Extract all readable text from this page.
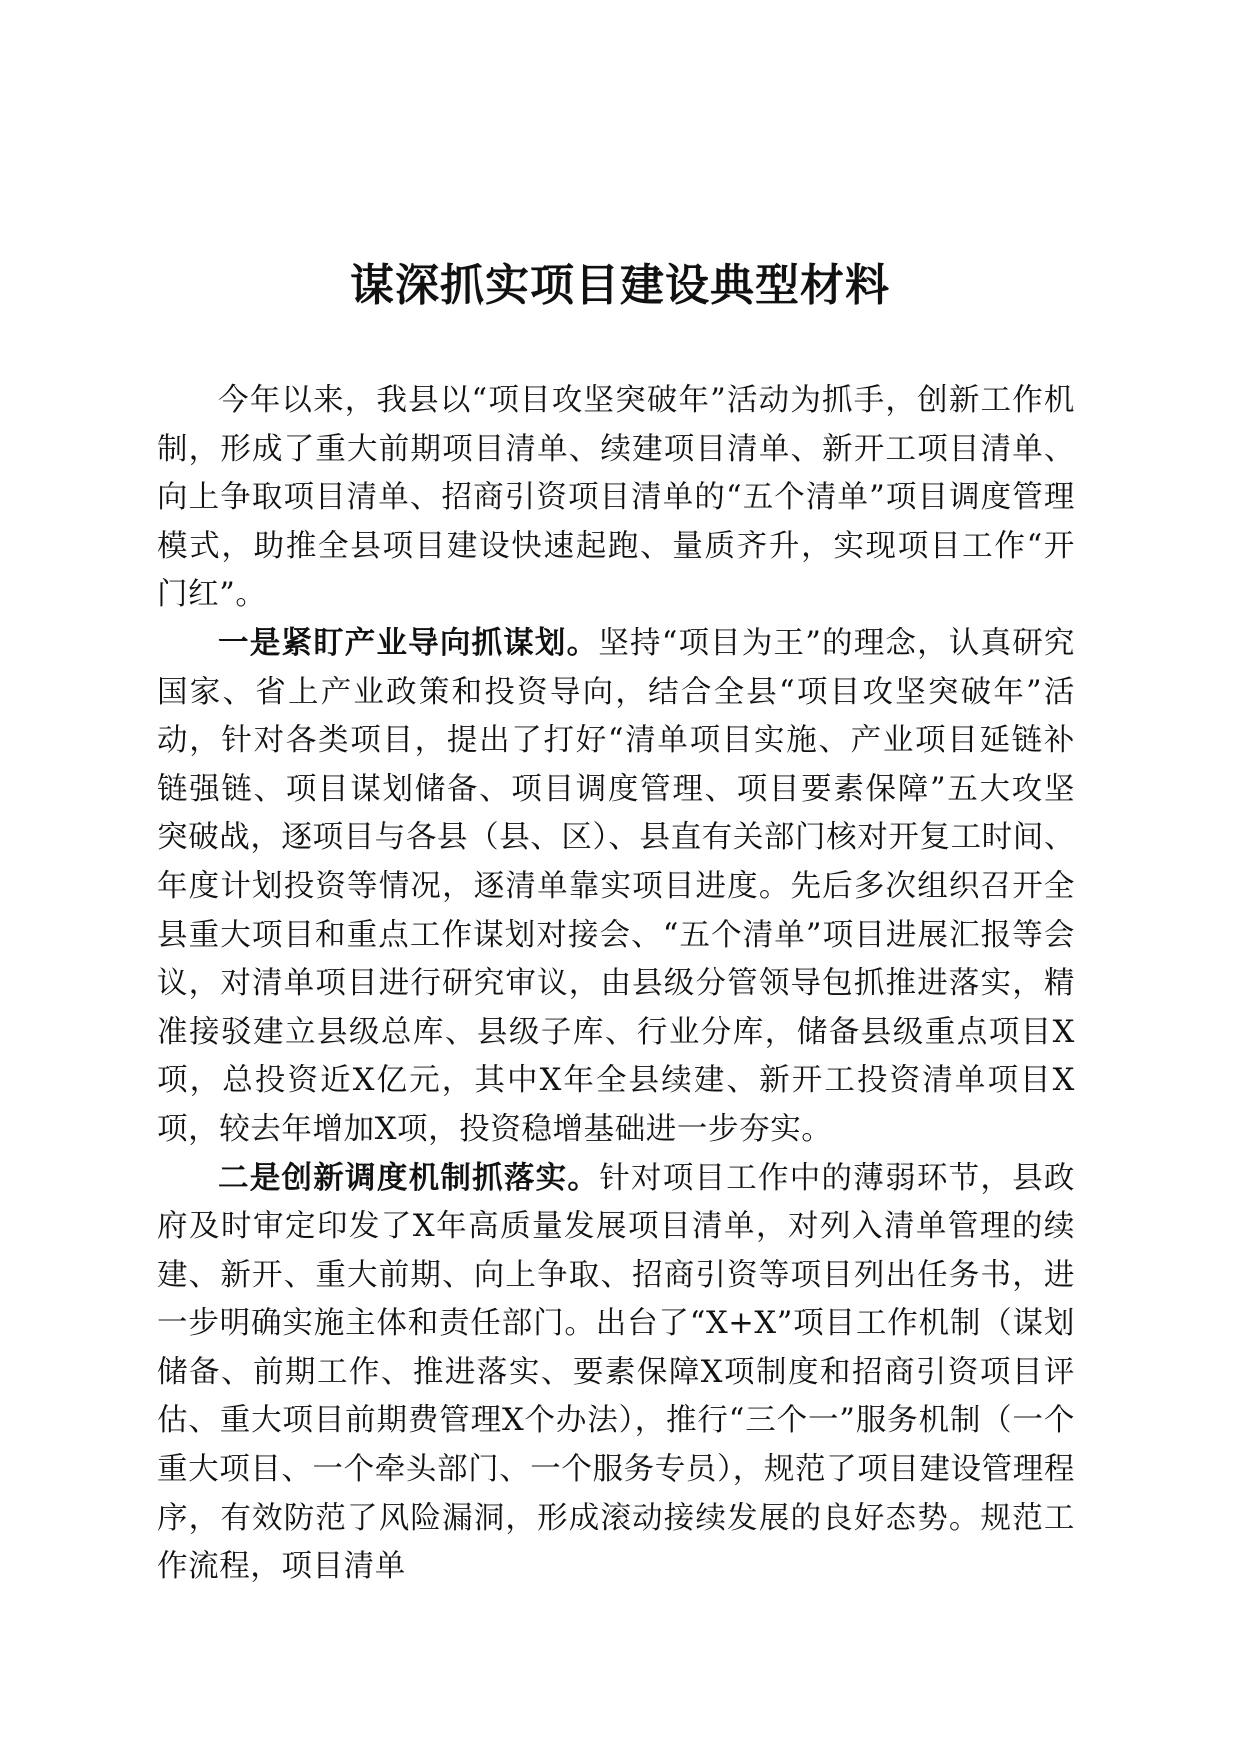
谋深抓实项目建设典型材料

今年以来，我县以“项目攻坚突破年”活动为抓手，创新工作机制，形成了重大前期项目清单、续建项目清单、新开工项目清单、向上争取项目清单、招商引资项目清单的“五个清单”项目调度管理模式，助推全县项目建设快速起跑、量质齐升，实现项目工作“开门红”。

一是紧盯产业导向抓谋划。坚持“项目为王”的理念，认真研究国家、省上产业政策和投资导向，结合全县“项目攻坚突破年”活动，针对各类项目，提出了打好“清单项目实施、产业项目延链补链强链、项目谋划储备、项目调度管理、项目要素保障”五大攻坚突破战，逐项目与各县（县、区）、县直有关部门核对开复工时间、年度计划投资等情况，逐清单靠实项目进度。先后多次组织召开全县重大项目和重点工作谋划对接会、“五个清单”项目进展汇报等会议，对清单项目进行研究审议，由县级分管领导包抓推进落实，精准接驳建立县级总库、县级子库、行业分库，储备县级重点项目X项，总投资近X亿元，其中X年全县续建、新开工投资清单项目X项，较去年增加X项，投资稳增基础进一步夯实。

二是创新调度机制抓落实。针对项目工作中的薄弱环节，县政府及时审定印发了X年高质量发展项目清单，对列入清单管理的续建、新开、重大前期、向上争取、招商引资等项目列出任务书，进一步明确实施主体和责任部门。出台了“X+X”项目工作机制（谋划储备、前期工作、推进落实、要素保障X项制度和招商引资项目评估、重大项目前期费管理X个办法），推行“三个一”服务机制（一个重大项目、一个牵头部门、一个服务专员），规范了项目建设管理程序，有效防范了风险漏洞，形成滚动接续发展的良好态势。规范工作流程，项目清单
